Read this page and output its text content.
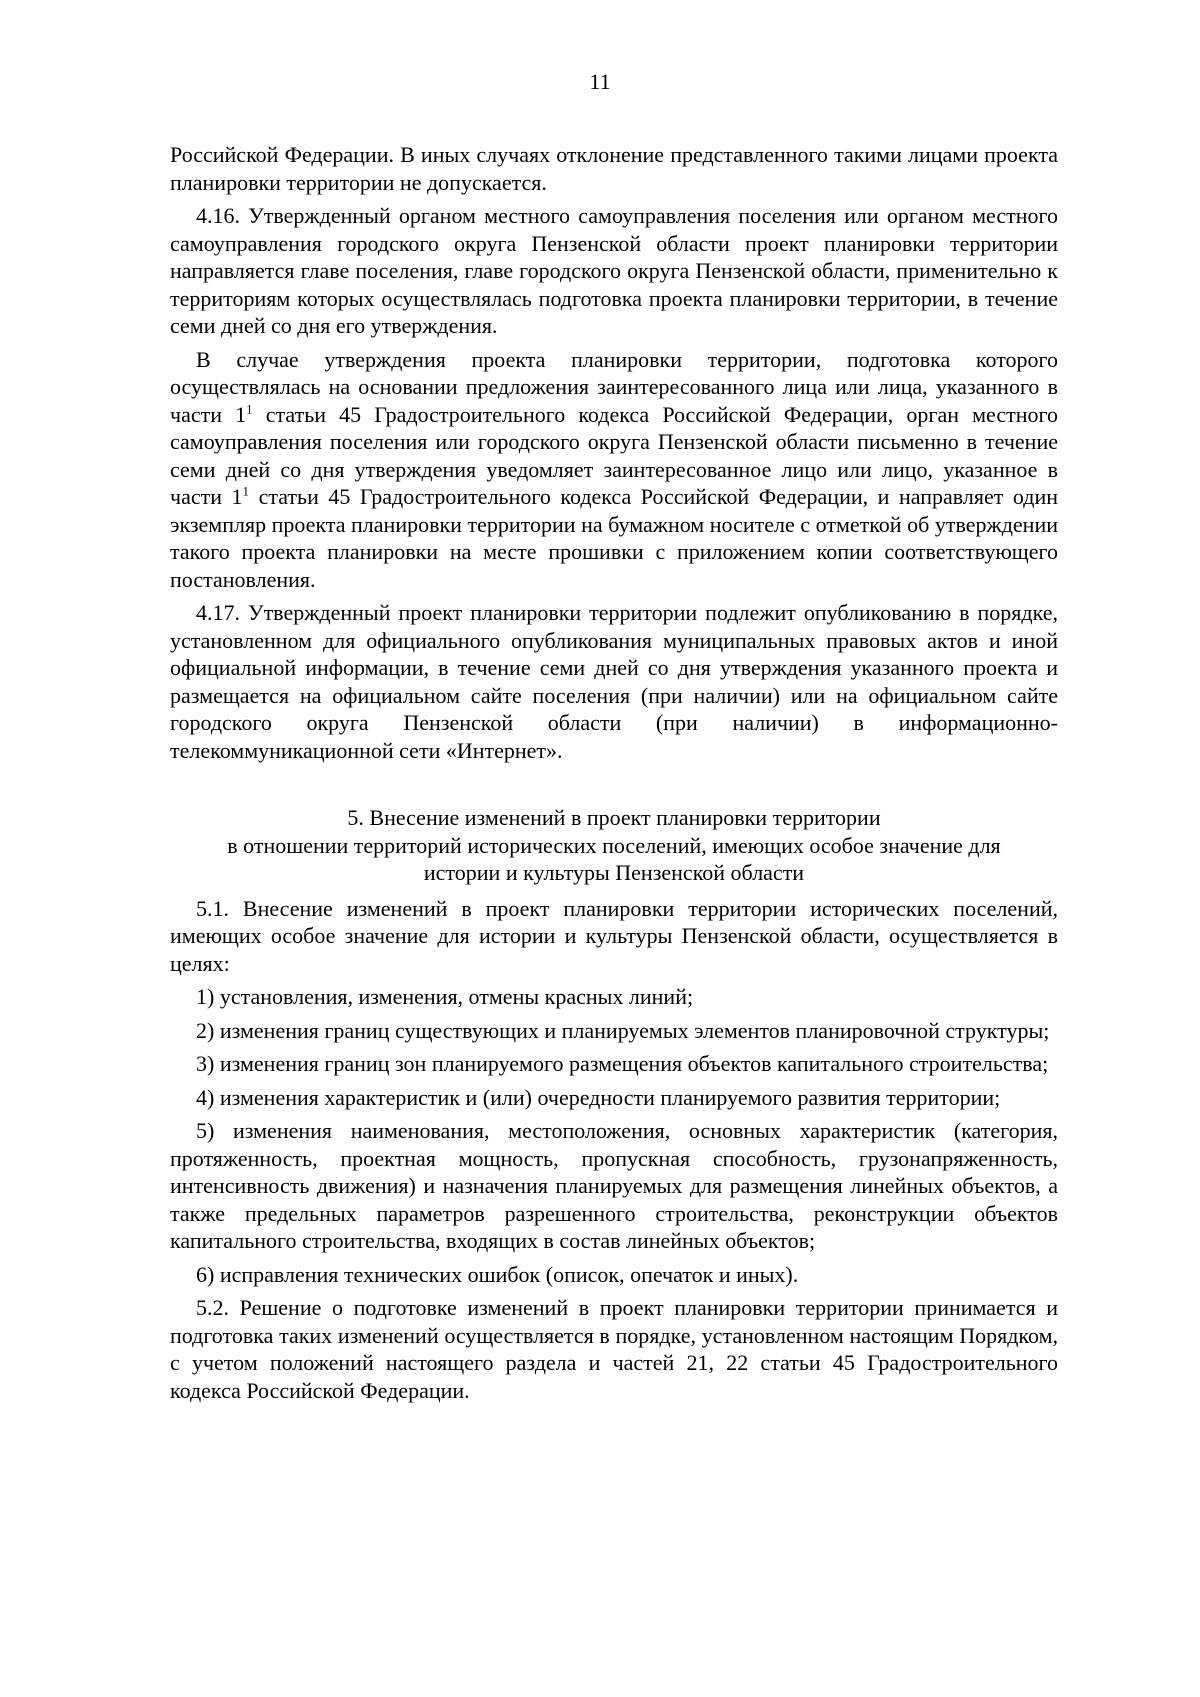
11

Российской Федерации. В иных случаях отклонение представленного такими лицами проекта планировки территории не допускается.

4.16. Утвержденный органом местного самоуправления поселения или органом местного самоуправления городского округа Пензенской области проект планировки территории направляется главе поселения, главе городского округа Пензенской области, применительно к территориям которых осуществлялась подготовка проекта планировки территории, в течение семи дней со дня его утверждения.

В случае утверждения проекта планировки территории, подготовка которого осуществлялась на основании предложения заинтересованного лица или лица, указанного в части $1^1$ статьи 45 Градостроительного кодекса Российской Федерации, орган местного самоуправления поселения или городского округа Пензенской области письменно в течение семи дней со дня утверждения уведомляет заинтересованное лицо или лицо, указанное в части $1^1$ статьи 45 Градостроительного кодекса Российской Федерации, и направляет один экземпляр проекта планировки территории на бумажном носителе с отметкой об утверждении такого проекта планировки на месте прошивки с приложением копии соответствующего постановления.

4.17. Утвержденный проект планировки территории подлежит опубликованию в порядке, установленном для официального опубликования муниципальных правовых актов и иной официальной информации, в течение семи дней со дня утверждения указанного проекта и размещается на официальном сайте поселения (при наличии) или на официальном сайте городского округа Пензенской области (при наличии) в информационно-телекоммуникационной сети «Интернет».

5. Внесение изменений в проект планировки территории
в отношении территорий исторических поселений, имеющих особое значение для
истории и культуры Пензенской области

5.1. Внесение изменений в проект планировки территории исторических поселений, имеющих особое значение для истории и культуры Пензенской области, осуществляется в целях:

1) установления, изменения, отмены красных линий;

2) изменения границ существующих и планируемых элементов планировочной структуры;

3) изменения границ зон планируемого размещения объектов капитального строительства;

4) изменения характеристик и (или) очередности планируемого развития территории;

5) изменения наименования, местоположения, основных характеристик (категория, протяженность, проектная мощность, пропускная способность, грузонапряженность, интенсивность движения) и назначения планируемых для размещения линейных объектов, а также предельных параметров разрешенного строительства, реконструкции объектов капитального строительства, входящих в состав линейных объектов;

6) исправления технических ошибок (описок, опечаток и иных).

5.2. Решение о подготовке изменений в проект планировки территории принимается и подготовка таких изменений осуществляется в порядке, установленном настоящим Порядком, с учетом положений настоящего раздела и частей 21, 22 статьи 45 Градостроительного кодекса Российской Федерации.
